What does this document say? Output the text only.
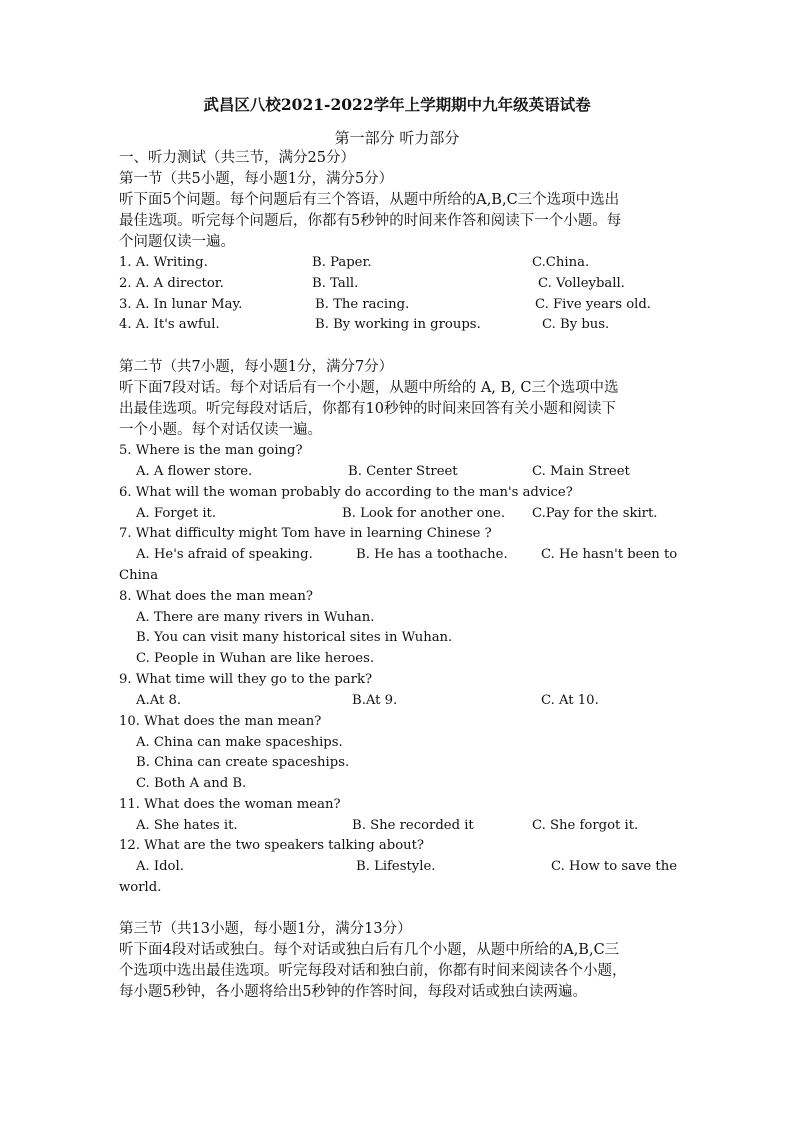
武昌区八校2021-2022学年上学期期中九年级英语试卷
第一部分 听力部分
一、听力测试（共三节，满分25分）
第一节（共5小题，每小题1分，满分5分）
听下面5个问题。每个问题后有三个答语，从题中所给的A,B,C三个选项中选出
最佳选项。听完每个问题后，你都有5秒钟的时间来作答和阅读下一个小题。每
个问题仅读一遍。
1. A. Writing.	B. Paper.	C.China.
2. A. A director.	B. Tall.	C. Volleyball.
3. A. In lunar May.	B. The racing.	C. Five years old.
4. A. It's awful.	B. By working in groups.	C. By bus.
第二节（共7小题，每小题1分，满分7分）
听下面7段对话。每个对话后有一个小题，从题中所给的 A, B, C三个选项中选
出最佳选项。听完每段对话后，你都有10秒钟的时间来回答有关小题和阅读下
一个小题。每个对话仅读一遍。
5. Where is the man going?
A. A flower store.	B. Center Street	C. Main Street
6. What will the woman probably do according to the man's advice?
A. Forget it.	B. Look for another one. C.Pay for the skirt.
7. What difficulty might Tom have in learning Chinese ?
A. He's afraid of speaking.	B. He has a toothache.	C. He hasn't been to
China
8. What does the man mean?
A. There are many rivers in Wuhan.
B. You can visit many historical sites in Wuhan.
C. People in Wuhan are like heroes.
9. What time will they go to the park?
A.At 8.	B.At 9.	C. At 10.
10. What does the man mean?
A. China can make spaceships.
B. China can create spaceships.
C. Both A and B.
11. What does the woman mean?
A. She hates it.	B. She recorded it	C. She forgot it.
12. What are the two speakers talking about?
A. Idol.	B. Lifestyle.	C. How to save the
world.
第三节（共13小题，每小题1分，满分13分）
听下面4段对话或独白。每个对话或独白后有几个小题，从题中所给的A,B,C三
个选项中选出最佳选项。听完每段对话和独白前，你都有时间来阅读各个小题，
每小题5秒钟，各小题将给出5秒钟的作答时间，每段对话或独白读两遍。
